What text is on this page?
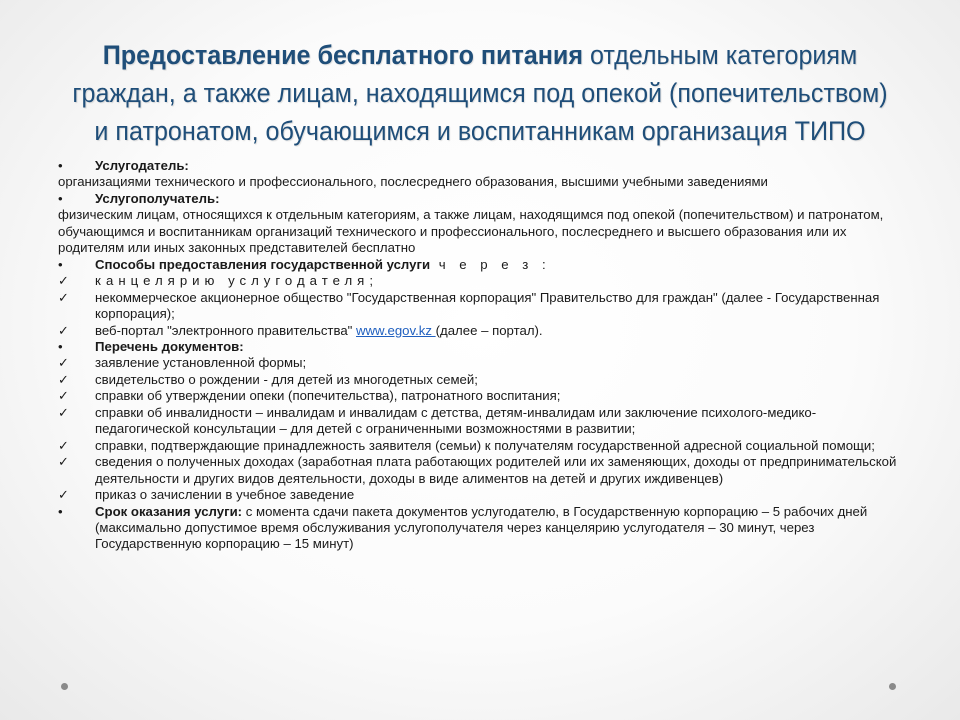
Предоставление бесплатного питания отдельным категориям
граждан, а также лицам, находящимся под опекой (попечительством)
и патронатом, обучающимся и воспитанникам организация ТИПО
•	Услугодатель:
организациями технического и профессионального, послесреднего образования, высшими учебными заведениями
•	Услугополучатель:
физическим лицам, относящихся к отдельным категориям, а также лицам, находящимся под опекой (попечительством) и патронатом, обучающимся и воспитанникам организаций технического и профессионального, послесреднего и высшего образования или их родителям или иных законных представителей бесплатно
•	Способы предоставления государственной услуги ч е р е з :
✓	канцелярию услугодателя;
✓	некоммерческое акционерное общество "Государственная корпорация" Правительство для граждан" (далее - Государственная корпорация);
✓	веб-портал "электронного правительства" www.egov.kz (далее – портал).
•	Перечень документов:
✓	заявление установленной формы;
✓	свидетельство о рождении - для детей из многодетных семей;
✓	справки об утверждении опеки (попечительства), патронатного воспитания;
✓	справки об инвалидности – инвалидам и инвалидам с детства, детям-инвалидам или заключение психолого-медико-педагогической консультации – для детей с ограниченными возможностями в развитии;
✓	справки, подтверждающие принадлежность заявителя (семьи) к получателям государственной адресной социальной помощи;
✓	сведения о полученных доходах (заработная плата работающих родителей или их заменяющих, доходы от предпринимательской деятельности и других видов деятельности, доходы в виде алиментов на детей и других иждивенцев)
✓	приказ о зачислении в учебное заведение
•	Срок оказания услуги: с момента сдачи пакета документов услугодателю, в Государственную корпорацию – 5 рабочих дней (максимально допустимое время обслуживания услугополучателя через канцелярию услугодателя – 30 минут, через Государственную корпорацию – 15 минут)
